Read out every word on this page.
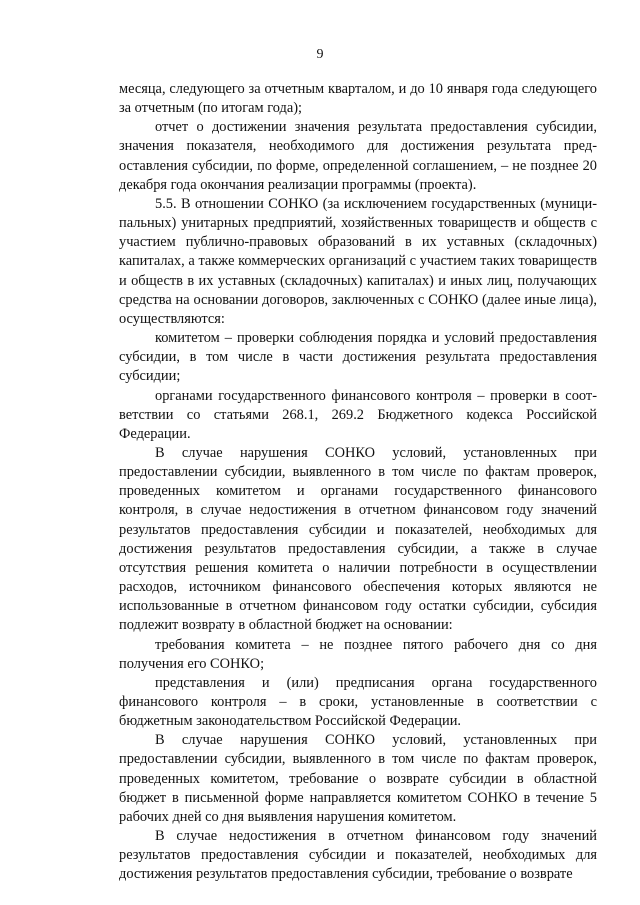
9

месяца, следующего за отчетным кварталом, и до 10 января года следующего за отчетным (по итогам года);

отчет о достижении значения результата предоставления субсидии, значения показателя, необходимого для достижения результата предоставления субсидии, по форме, определенной соглашением, – не позднее 20 декабря года окончания реализации программы (проекта).

5.5. В отношении СОНКО (за исключением государственных (муниципальных) унитарных предприятий, хозяйственных товариществ и обществ с участием публично-правовых образований в их уставных (складочных) капиталах, а также коммерческих организаций с участием таких товариществ и обществ в их уставных (складочных) капиталах) и иных лиц, получающих средства на основании договоров, заключенных с СОНКО (далее иные лица), осуществляются:

комитетом – проверки соблюдения порядка и условий предоставления субсидии, в том числе в части достижения результата предоставления субсидии;

органами государственного финансового контроля – проверки в соответствии со статьями 268.1, 269.2 Бюджетного кодекса Российской Федерации.

В случае нарушения СОНКО условий, установленных при предоставлении субсидии, выявленного в том числе по фактам проверок, проведенных комитетом и органами государственного финансового контроля, в случае недостижения в отчетном финансовом году значений результатов предоставления субсидии и показателей, необходимых для достижения результатов предоставления субсидии, а также в случае отсутствия решения комитета о наличии потребности в осуществлении расходов, источником финансового обеспечения которых являются не использованные в отчетном финансовом году остатки субсидии, субсидия подлежит возврату в областной бюджет на основании:

требования комитета – не позднее пятого рабочего дня со дня получения его СОНКО;

представления и (или) предписания органа государственного финансового контроля – в сроки, установленные в соответствии с бюджетным законодательством Российской Федерации.

В случае нарушения СОНКО условий, установленных при предоставлении субсидии, выявленного в том числе по фактам проверок, проведенных комитетом, требование о возврате субсидии в областной бюджет в письменной форме направляется комитетом СОНКО в течение 5 рабочих дней со дня выявления нарушения комитетом.

В случае недостижения в отчетном финансовом году значений результатов предоставления субсидии и показателей, необходимых для достижения результатов предоставления субсидии, требование о возврате
